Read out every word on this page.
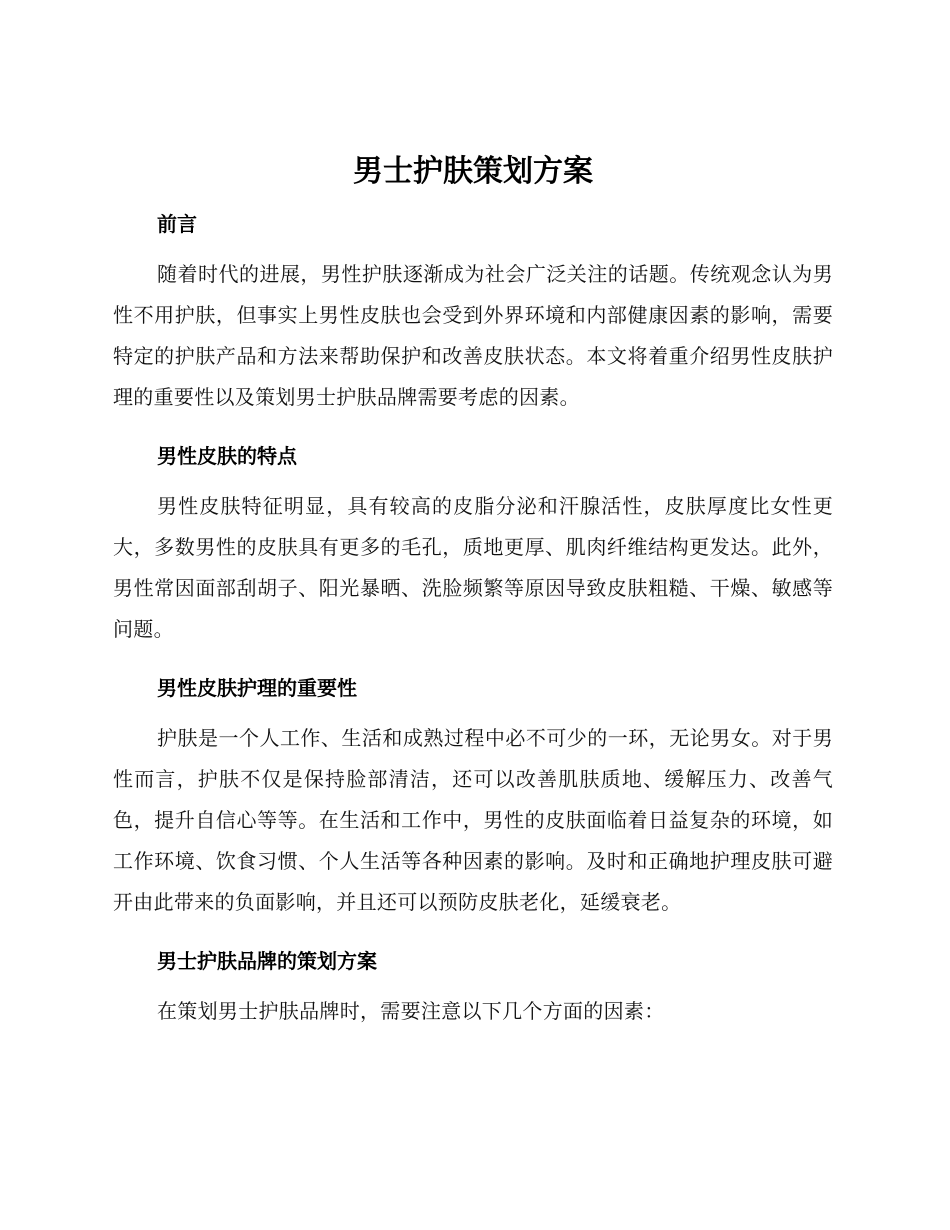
男士护肤策划方案
前言

随着时代的进展，男性护肤逐渐成为社会广泛关注的话题。传统观念认为男性不用护肤，但事实上男性皮肤也会受到外界环境和内部健康因素的影响，需要特定的护肤产品和方法来帮助保护和改善皮肤状态。本文将着重介绍男性皮肤护理的重要性以及策划男士护肤品牌需要考虑的因素。

男性皮肤的特点

男性皮肤特征明显，具有较高的皮脂分泌和汗腺活性，皮肤厚度比女性更大，多数男性的皮肤具有更多的毛孔，质地更厚、肌肉纤维结构更发达。此外，男性常因面部刮胡子、阳光暴晒、洗脸频繁等原因导致皮肤粗糙、干燥、敏感等问题。

男性皮肤护理的重要性

护肤是一个人工作、生活和成熟过程中必不可少的一环，无论男女。对于男性而言，护肤不仅是保持脸部清洁，还可以改善肌肤质地、缓解压力、改善气色，提升自信心等等。在生活和工作中，男性的皮肤面临着日益复杂的环境，如工作环境、饮食习惯、个人生活等各种因素的影响。及时和正确地护理皮肤可避开由此带来的负面影响，并且还可以预防皮肤老化，延缓衰老。

男士护肤品牌的策划方案

在策划男士护肤品牌时，需要注意以下几个方面的因素：
